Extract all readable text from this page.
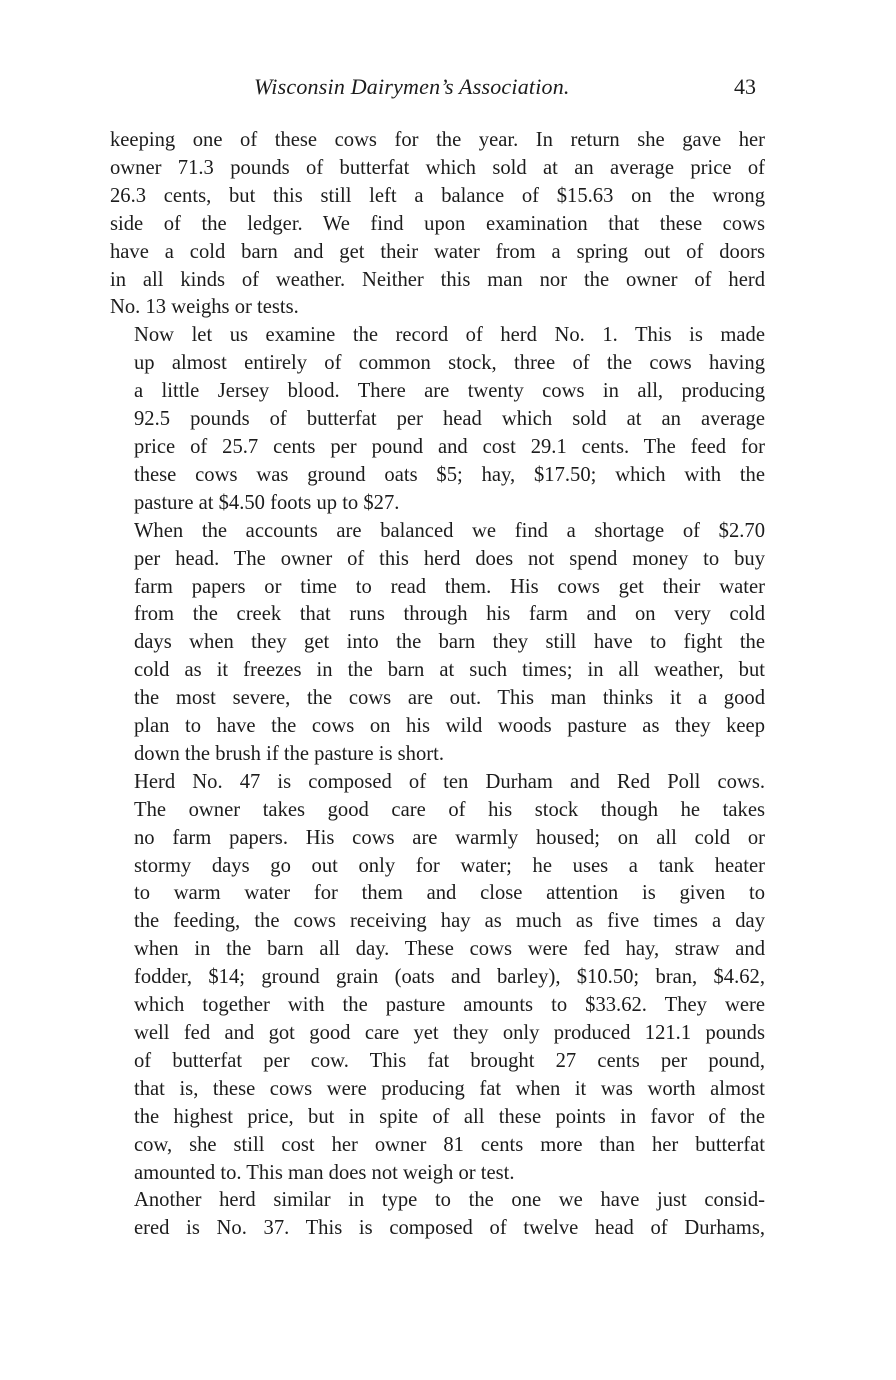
Wisconsin Dairymen’s Association.	43

keeping one of these cows for the year. In return she gave her
owner 71.3 pounds of butterfat which sold at an average price of
26.3 cents, but this still left a balance of $15.63 on the wrong
side of the ledger. We find upon examination that these cows
have a cold barn and get their water from a spring out of doors
in all kinds of weather. Neither this man nor the owner of herd
No. 13 weighs or tests.

Now let us examine the record of herd No. 1. This is made
up almost entirely of common stock, three of the cows having
a little Jersey blood. There are twenty cows in all, producing
92.5 pounds of butterfat per head which sold at an average
price of 25.7 cents per pound and cost 29.1 cents. The feed for
these cows was ground oats $5; hay, $17.50; which with the
pasture at $4.50 foots up to $27.

When the accounts are balanced we find a shortage of $2.70
per head. The owner of this herd does not spend money to buy
farm papers or time to read them. His cows get their water
from the creek that runs through his farm and on very cold
days when they get into the barn they still have to fight the
cold as it freezes in the barn at such times; in all weather, but
the most severe, the cows are out. This man thinks it a good
plan to have the cows on his wild woods pasture as they keep
down the brush if the pasture is short.

Herd No. 47 is composed of ten Durham and Red Poll cows.
The owner takes good care of his stock though he takes
no farm papers. His cows are warmly housed; on all cold or
stormy days go out only for water; he uses a tank heater
to warm water for them and close attention is given to
the feeding, the cows receiving hay as much as five times a day
when in the barn all day. These cows were fed hay, straw and
fodder, $14; ground grain (oats and barley), $10.50; bran, $4.62,
which together with the pasture amounts to $33.62. They were
well fed and got good care yet they only produced 121.1 pounds
of butterfat per cow. This fat brought 27 cents per pound,
that is, these cows were producing fat when it was worth almost
the highest price, but in spite of all these points in favor of the
cow, she still cost her owner 81 cents more than her butterfat
amounted to. This man does not weigh or test.

Another herd similar in type to the one we have just consid-
ered is No. 37. This is composed of twelve head of Durhams,
